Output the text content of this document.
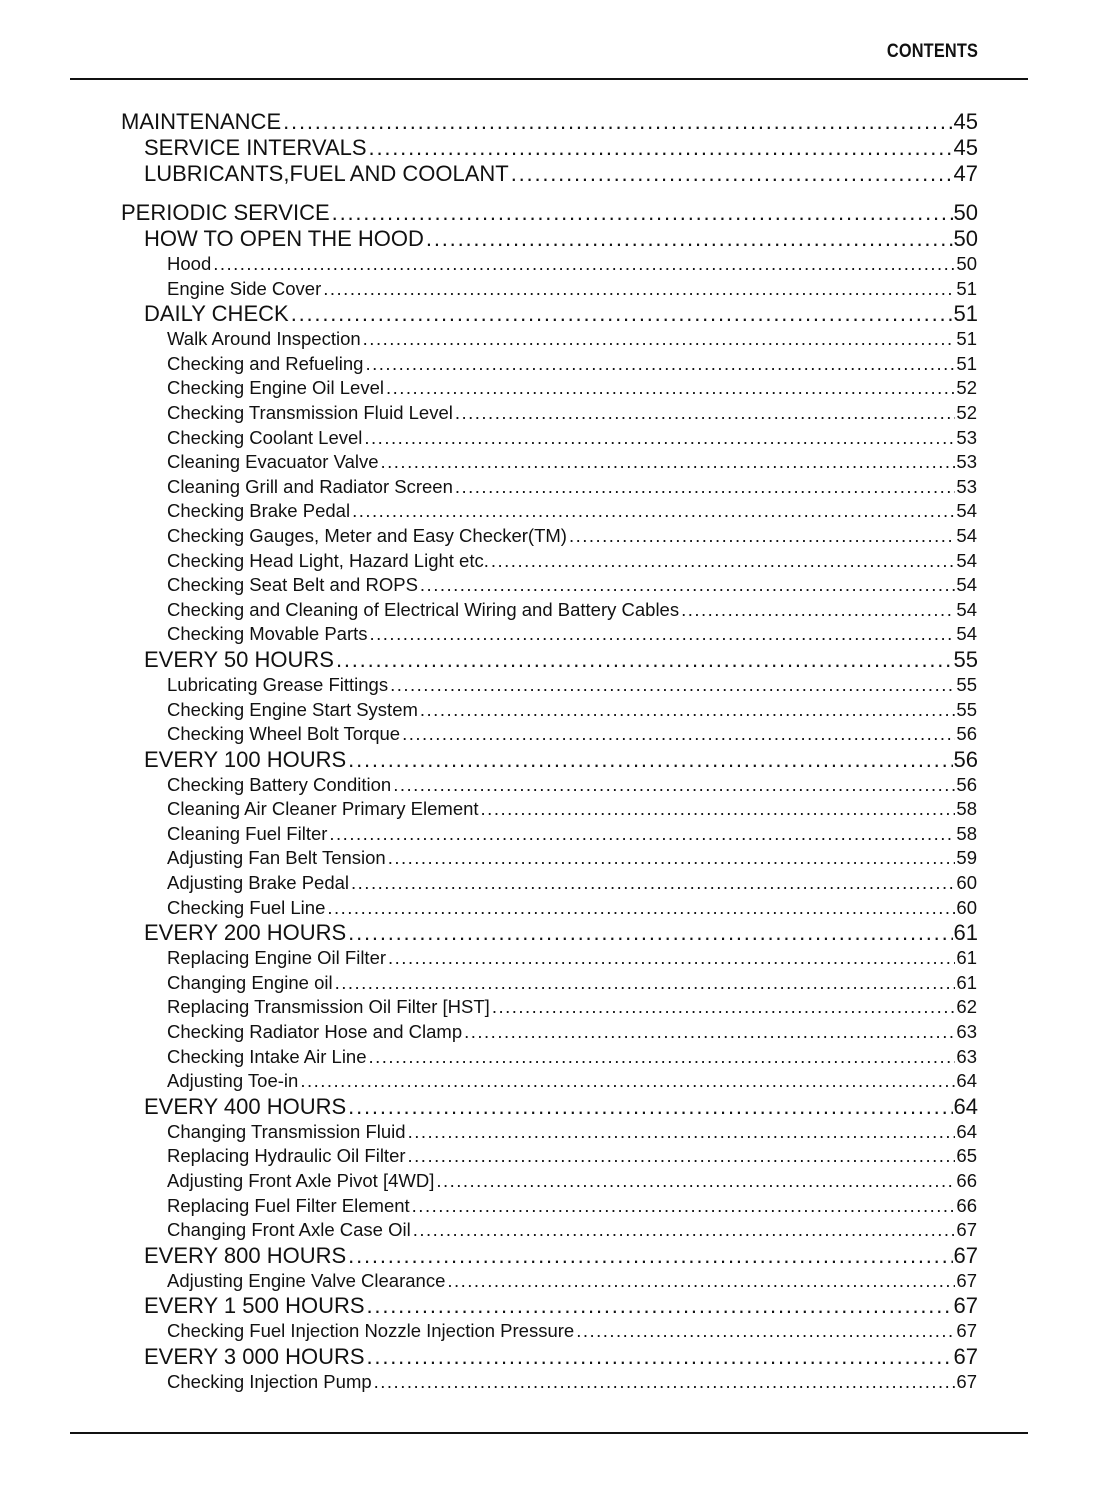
CONTENTS
MAINTENANCE .....	45
SERVICE INTERVALS .....	45
LUBRICANTS,FUEL AND COOLANT .....	47
PERIODIC SERVICE .....	50
HOW TO OPEN THE HOOD .....	50
Hood .....	50
Engine Side Cover .....	51
DAILY CHECK .....	51
Walk Around Inspection .....	51
Checking and Refueling .....	51
Checking Engine Oil Level .....	52
Checking Transmission Fluid Level .....	52
Checking Coolant Level .....	53
Cleaning Evacuator Valve .....	53
Cleaning Grill and Radiator Screen .....	53
Checking Brake Pedal .....	54
Checking Gauges, Meter and Easy Checker(TM) .....	54
Checking Head Light, Hazard Light etc. .....	54
Checking Seat Belt and ROPS .....	54
Checking and Cleaning of Electrical Wiring and Battery Cables .....	54
Checking Movable Parts .....	54
EVERY 50 HOURS .....	55
Lubricating Grease Fittings .....	55
Checking Engine Start System .....	55
Checking Wheel Bolt Torque .....	56
EVERY 100 HOURS .....	56
Checking Battery Condition .....	56
Cleaning Air Cleaner Primary Element .....	58
Cleaning Fuel Filter .....	58
Adjusting Fan Belt Tension .....	59
Adjusting Brake Pedal .....	60
Checking Fuel Line .....	60
EVERY 200 HOURS .....	61
Replacing Engine Oil Filter .....	61
Changing Engine oil .....	61
Replacing Transmission Oil Filter [HST] .....	62
Checking Radiator Hose and Clamp .....	63
Checking Intake Air Line .....	63
Adjusting Toe-in .....	64
EVERY 400 HOURS .....	64
Changing Transmission Fluid .....	64
Replacing Hydraulic Oil Filter .....	65
Adjusting Front Axle Pivot [4WD] .....	66
Replacing Fuel Filter Element .....	66
Changing Front Axle Case Oil .....	67
EVERY 800 HOURS .....	67
Adjusting Engine Valve Clearance .....	67
EVERY 1 500 HOURS .....	67
Checking Fuel Injection Nozzle Injection Pressure .....	67
EVERY 3 000 HOURS .....	67
Checking Injection Pump .....	67
